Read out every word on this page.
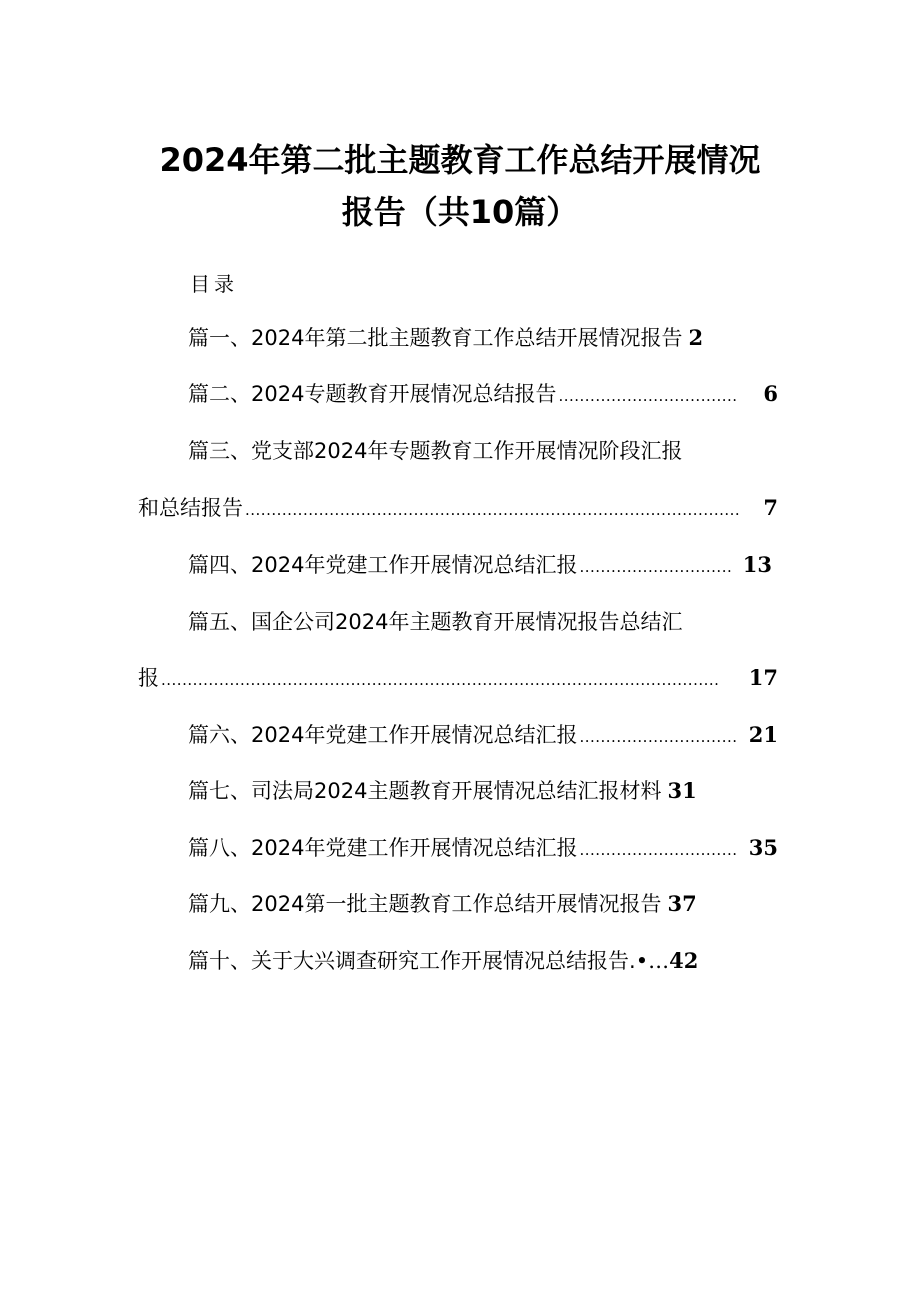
2024年第二批主题教育工作总结开展情况
报告（共10篇）
目录
篇一、2024年第二批主题教育工作总结开展情况报告 2
篇二、2024专题教育开展情况总结报告 ..................................	6
篇三、党支部2024年专题教育工作开展情况阶段汇报
和总结报告 ..............................................................................................	7
篇四、2024年党建工作开展情况总结汇报 ............................. 13
篇五、国企公司2024年主题教育开展情况报告总结汇
报 ..........................................................................................................	17
篇六、2024年党建工作开展情况总结汇报 .............................. 21
篇七、司法局2024主题教育开展情况总结汇报材料 31
篇八、2024年党建工作开展情况总结汇报 .............................. 35
篇九、2024第一批主题教育工作总结开展情况报告 37
篇十、关于大兴调查研究工作开展情况总结报告. •… 42
